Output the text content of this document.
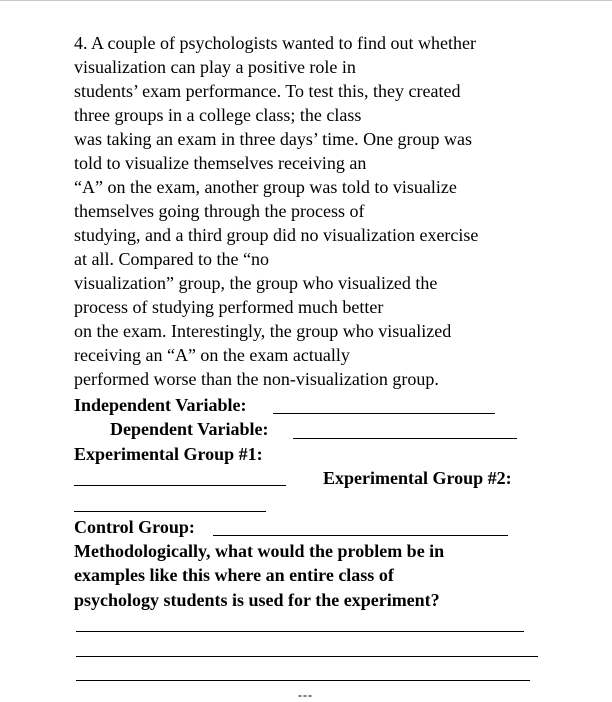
4. A couple of psychologists wanted to find out whether
visualization can play a positive role in
students’ exam performance. To test this, they created
three groups in a college class; the class
was taking an exam in three days’ time. One group was
told to visualize themselves receiving an
“A” on the exam, another group was told to visualize
themselves going through the process of
studying, and a third group did no visualization exercise
at all. Compared to the “no
visualization” group, the group who visualized the
process of studying performed much better
on the exam. Interestingly, the group who visualized
receiving an “A” on the exam actually
performed worse than the non-visualization group.
Independent Variable:
Dependent Variable:
Experimental Group #1:
Experimental Group #2:
Control Group:
Methodologically, what would the problem be in
examples like this where an entire class of
psychology students is used for the experiment?
---
